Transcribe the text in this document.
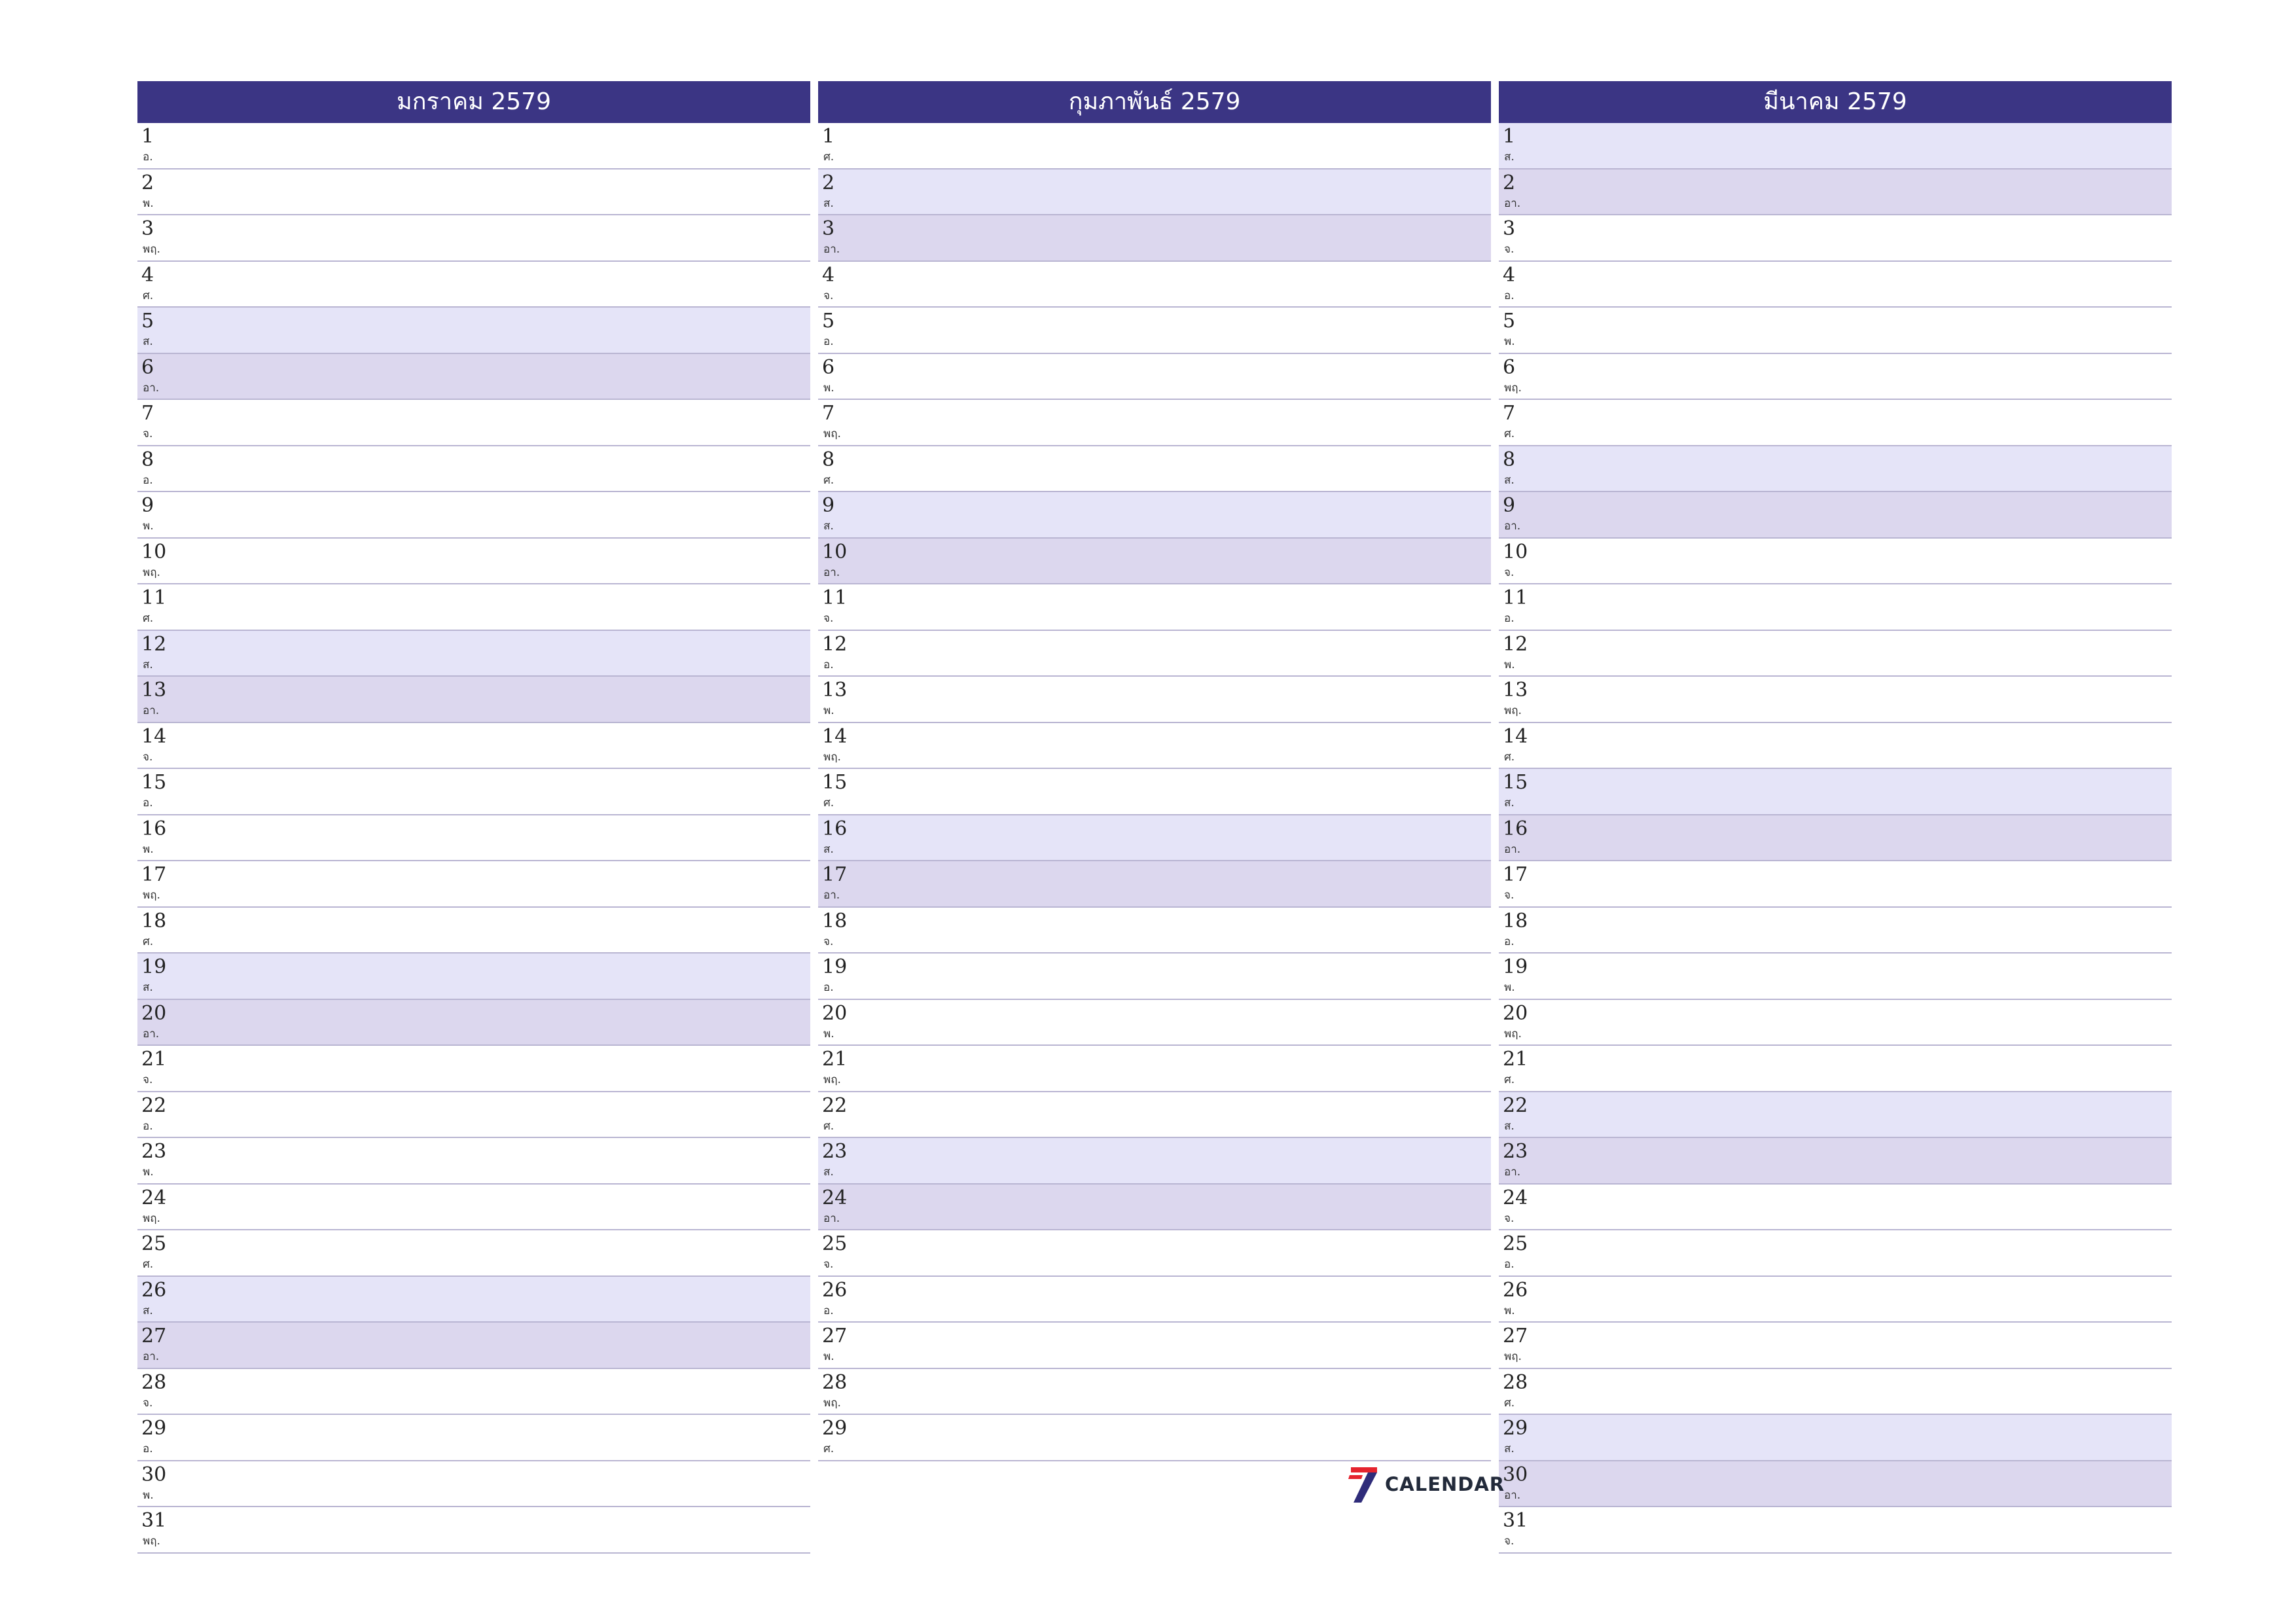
มกราคม 2579
1
อ.
2
พ.
3
พฤ.
4
ศ.
5
ส.
6
อา.
7
จ.
8
อ.
9
พ.
10
พฤ.
11
ศ.
12
ส.
13
อา.
14
จ.
15
อ.
16
พ.
17
พฤ.
18
ศ.
19
ส.
20
อา.
21
จ.
22
อ.
23
พ.
24
พฤ.
25
ศ.
26
ส.
27
อา.
28
จ.
29
อ.
30
พ.
31
พฤ.
กุมภาพันธ์ 2579
1
ศ.
2
ส.
3
อา.
4
จ.
5
อ.
6
พ.
7
พฤ.
8
ศ.
9
ส.
10
อา.
11
จ.
12
อ.
13
พ.
14
พฤ.
15
ศ.
16
ส.
17
อา.
18
จ.
19
อ.
20
พ.
21
พฤ.
22
ศ.
23
ส.
24
อา.
25
จ.
26
อ.
27
พ.
28
พฤ.
29
ศ.
มีนาคม 2579
1
ส.
2
อา.
3
จ.
4
อ.
5
พ.
6
พฤ.
7
ศ.
8
ส.
9
อา.
10
จ.
11
อ.
12
พ.
13
พฤ.
14
ศ.
15
ส.
16
อา.
17
จ.
18
อ.
19
พ.
20
พฤ.
21
ศ.
22
ส.
23
อา.
24
จ.
25
อ.
26
พ.
27
พฤ.
28
ศ.
29
ส.
30
อา.
31
จ.
CALENDAR
